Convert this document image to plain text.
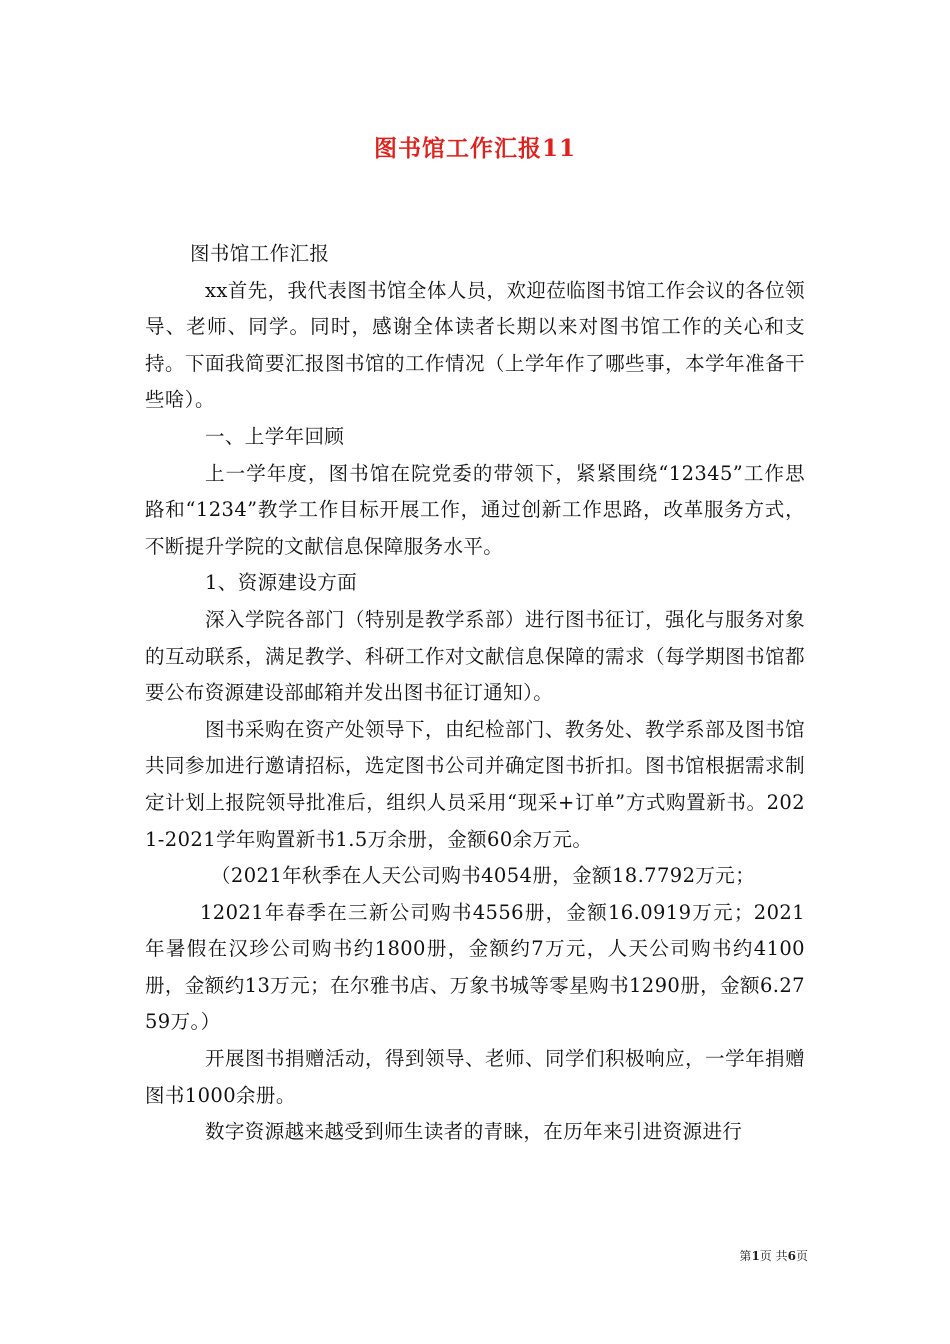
图书馆工作汇报11

图书馆工作汇报

xx首先，我代表图书馆全体人员，欢迎莅临图书馆工作会议的各位领导、老师、同学。同时，感谢全体读者长期以来对图书馆工作的关心和支持。下面我简要汇报图书馆的工作情况（上学年作了哪些事，本学年准备干些啥）。

一、上学年回顾

上一学年度，图书馆在院党委的带领下，紧紧围绕“12345”工作思路和“1234”教学工作目标开展工作，通过创新工作思路，改革服务方式，不断提升学院的文献信息保障服务水平。

1、资源建设方面

深入学院各部门（特别是教学系部）进行图书征订，强化与服务对象的互动联系，满足教学、科研工作对文献信息保障的需求（每学期图书馆都要公布资源建设部邮箱并发出图书征订通知）。

图书采购在资产处领导下，由纪检部门、教务处、教学系部及图书馆共同参加进行邀请招标，选定图书公司并确定图书折扣。图书馆根据需求制定计划上报院领导批准后，组织人员采用“现采+订单”方式购置新书。2021-2021学年购置新书1.5万余册，金额60余万元。

（2021年秋季在人天公司购书4054册，金额18.7792万元；

12021年春季在三新公司购书4556册，金额16.0919万元；2021年暑假在汉珍公司购书约1800册，金额约7万元，人天公司购书约4100册，金额约13万元；在尔雅书店、万象书城等零星购书1290册，金额6.2759万。）

开展图书捐赠活动，得到领导、老师、同学们积极响应，一学年捐赠图书1000余册。

数字资源越来越受到师生读者的青睐，在历年来引进资源进行

第1页 共6页
